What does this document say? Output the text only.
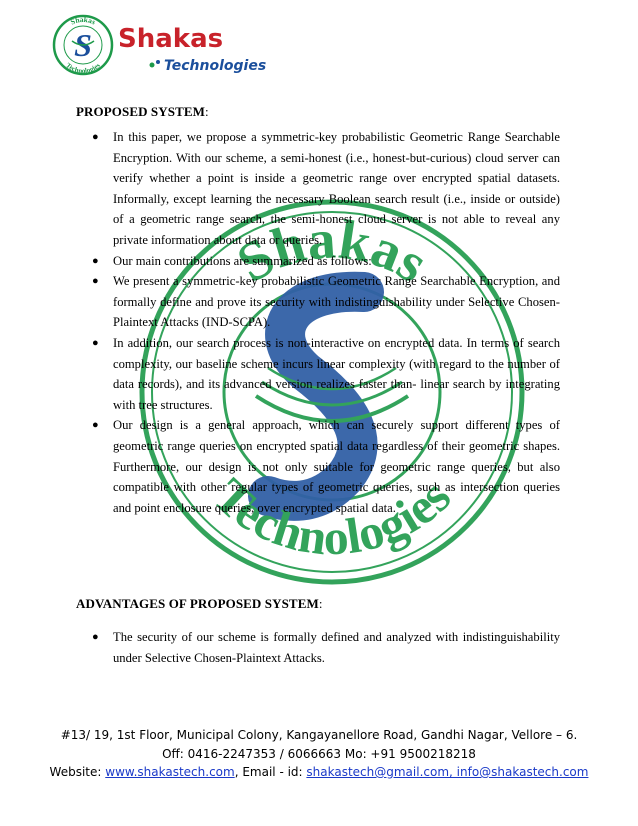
Shakas
Technologies
S Shakas
Technologies
Shakas
Technologies
PROPOSED SYSTEM:
● In this paper, we propose a symmetric-key probabilistic Geometric Range Searchable Encryption. With our scheme, a semi-honest (i.e., honest-but-curious) cloud server can verify whether a point is inside a geometric range over encrypted spatial datasets. Informally, except learning the necessary Boolean search result (i.e., inside or outside) of a geometric range search, the semi-honest cloud server is not able to reveal any private information about data or queries.
● Our main contributions are summarized as follows:
● We present a symmetric-key probabilistic Geometric Range Searchable Encryption, and formally define and prove its security with indistinguishability under Selective Chosen-Plaintext Attacks (IND-SCPA).
● In addition, our search process is non-interactive on encrypted data. In terms of search complexity, our baseline scheme incurs linear complexity (with regard to the number of data records), and its advanced version realizes faster than- linear search by integrating with tree structures.
● Our design is a general approach, which can securely support different types of geometric range queries on encrypted spatial data regardless of their geometric shapes. Furthermore, our design is not only suitable for geometric range queries, but also compatible with other regular types of geometric queries, such as intersection queries and point enclosure queries, over encrypted spatial data.
ADVANTAGES OF PROPOSED SYSTEM:
● The security of our scheme is formally defined and analyzed with indistinguishability under Selective Chosen-Plaintext Attacks.
#13/ 19, 1st Floor, Municipal Colony, Kangayanellore Road, Gandhi Nagar, Vellore – 6.
Off: 0416-2247353 / 6066663 Mo: +91 9500218218
Website: www.shakastech.com, Email - id: shakastech@gmail.com, info@shakastech.com
